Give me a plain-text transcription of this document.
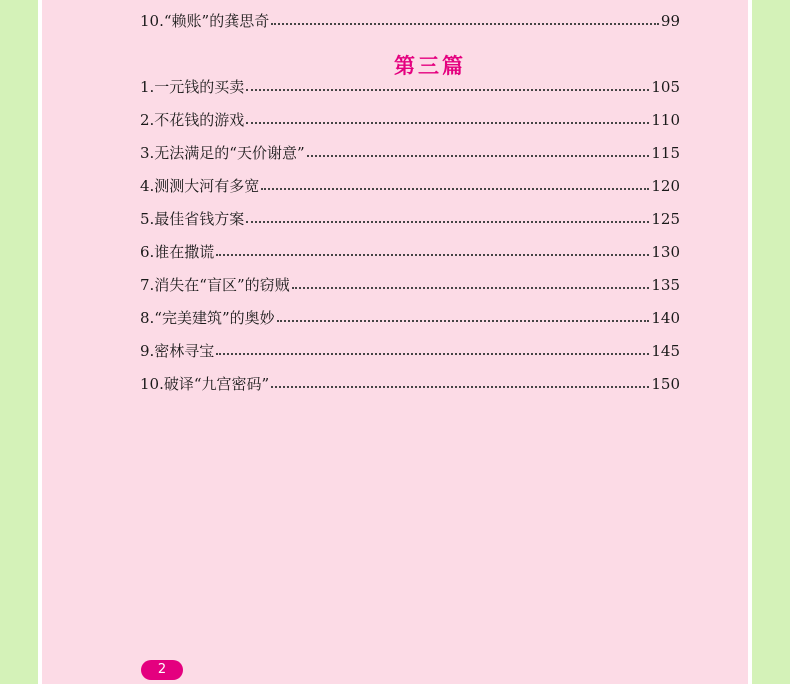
10.“赖账”的龚思奇	99
第三篇
1.一元钱的买卖	105
2.不花钱的游戏	110
3.无法满足的“天价谢意”	115
4.测测大河有多宽	120
5.最佳省钱方案	125
6.谁在撒谎	130
7.消失在“盲区”的窃贼	135
8.“完美建筑”的奥妙	140
9.密林寻宝	145
10.破译“九宫密码”	150
2
